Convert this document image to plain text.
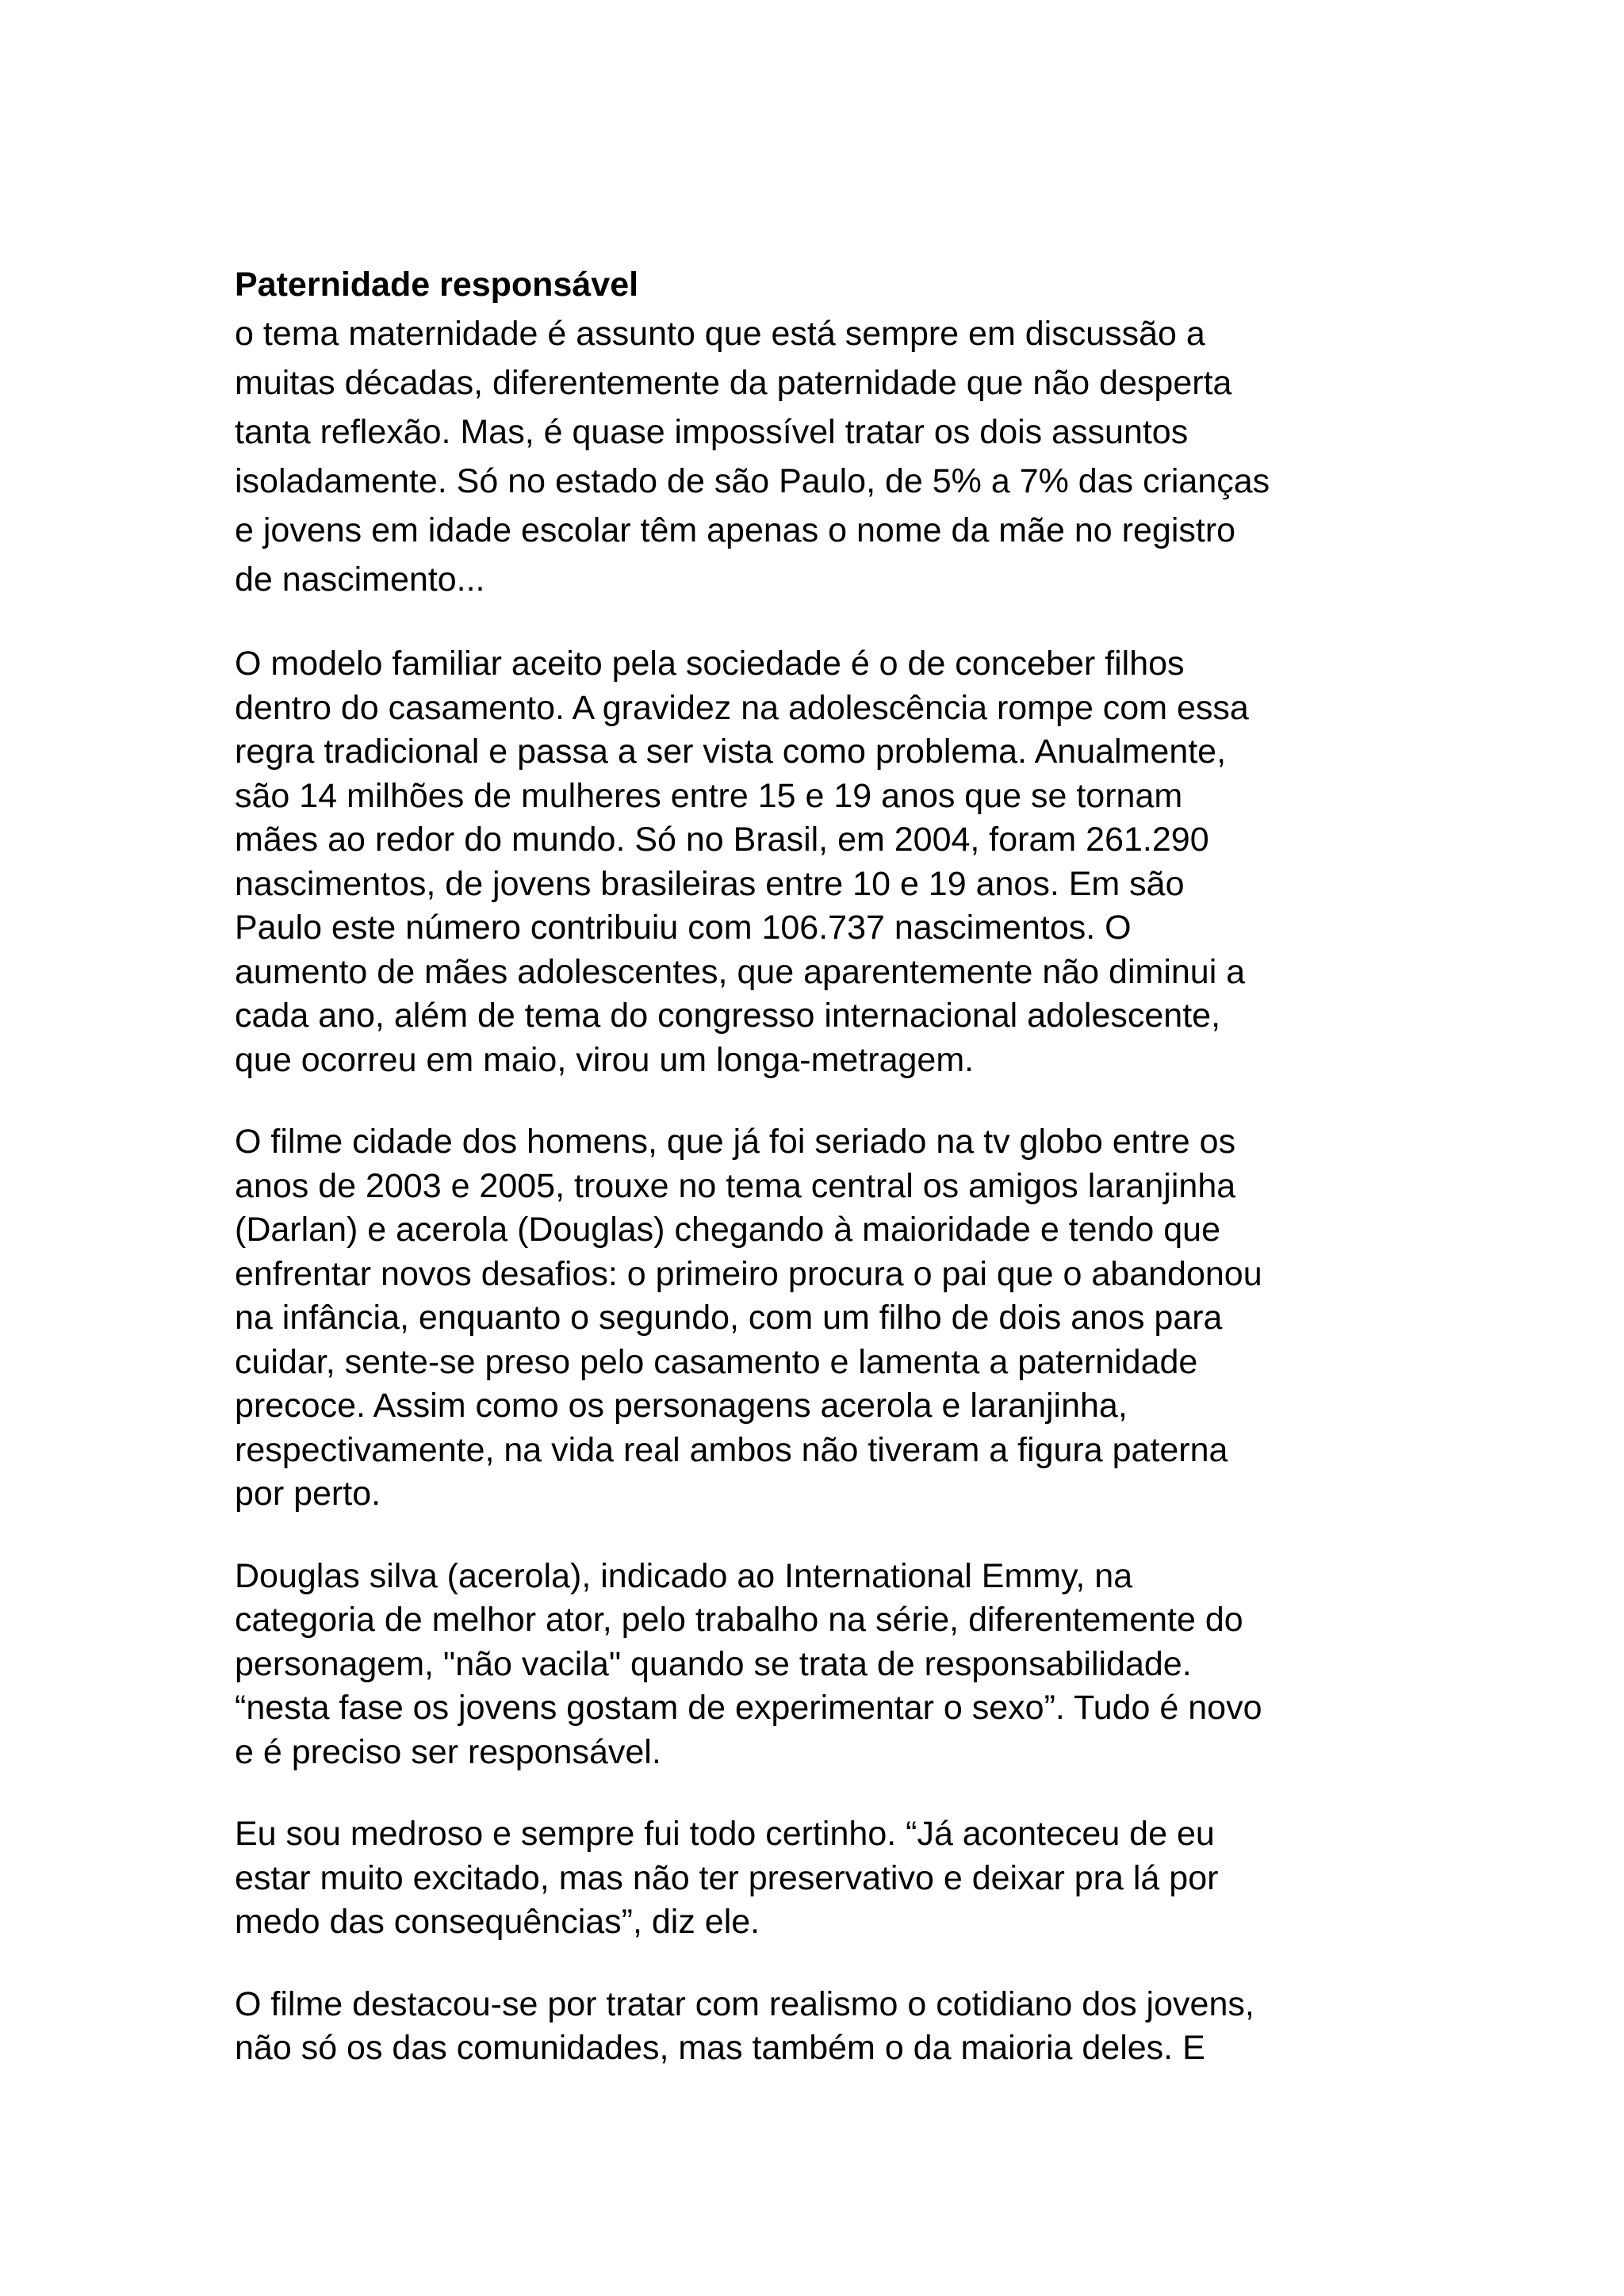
Paternidade responsável

o tema maternidade é assunto que está sempre em discussão a
muitas décadas, diferentemente da paternidade que não desperta
tanta reflexão. Mas, é quase impossível tratar os dois assuntos
isoladamente. Só no estado de são Paulo, de 5% a 7% das crianças
e jovens em idade escolar têm apenas o nome da mãe no registro
de nascimento...

O modelo familiar aceito pela sociedade é o de conceber filhos
dentro do casamento. A gravidez na adolescência rompe com essa
regra tradicional e passa a ser vista como problema. Anualmente,
são 14 milhões de mulheres entre 15 e 19 anos que se tornam
mães ao redor do mundo. Só no Brasil, em 2004, foram 261.290
nascimentos, de jovens brasileiras entre 10 e 19 anos. Em são
Paulo este número contribuiu com 106.737 nascimentos. O
aumento de mães adolescentes, que aparentemente não diminui a
cada ano, além de tema do congresso internacional adolescente,
que ocorreu em maio, virou um longa-metragem.

O filme cidade dos homens, que já foi seriado na tv globo entre os
anos de 2003 e 2005, trouxe no tema central os amigos laranjinha
(Darlan) e acerola (Douglas) chegando à maioridade e tendo que
enfrentar novos desafios: o primeiro procura o pai que o abandonou
na infância, enquanto o segundo, com um filho de dois anos para
cuidar, sente-se preso pelo casamento e lamenta a paternidade
precoce. Assim como os personagens acerola e laranjinha,
respectivamente, na vida real ambos não tiveram a figura paterna
por perto.

Douglas silva (acerola), indicado ao International Emmy, na
categoria de melhor ator, pelo trabalho na série, diferentemente do
personagem, "não vacila" quando se trata de responsabilidade.
“nesta fase os jovens gostam de experimentar o sexo”. Tudo é novo
e é preciso ser responsável.

Eu sou medroso e sempre fui todo certinho. “Já aconteceu de eu
estar muito excitado, mas não ter preservativo e deixar pra lá por
medo das consequências”, diz ele.

O filme destacou-se por tratar com realismo o cotidiano dos jovens,
não só os das comunidades, mas também o da maioria deles. E
